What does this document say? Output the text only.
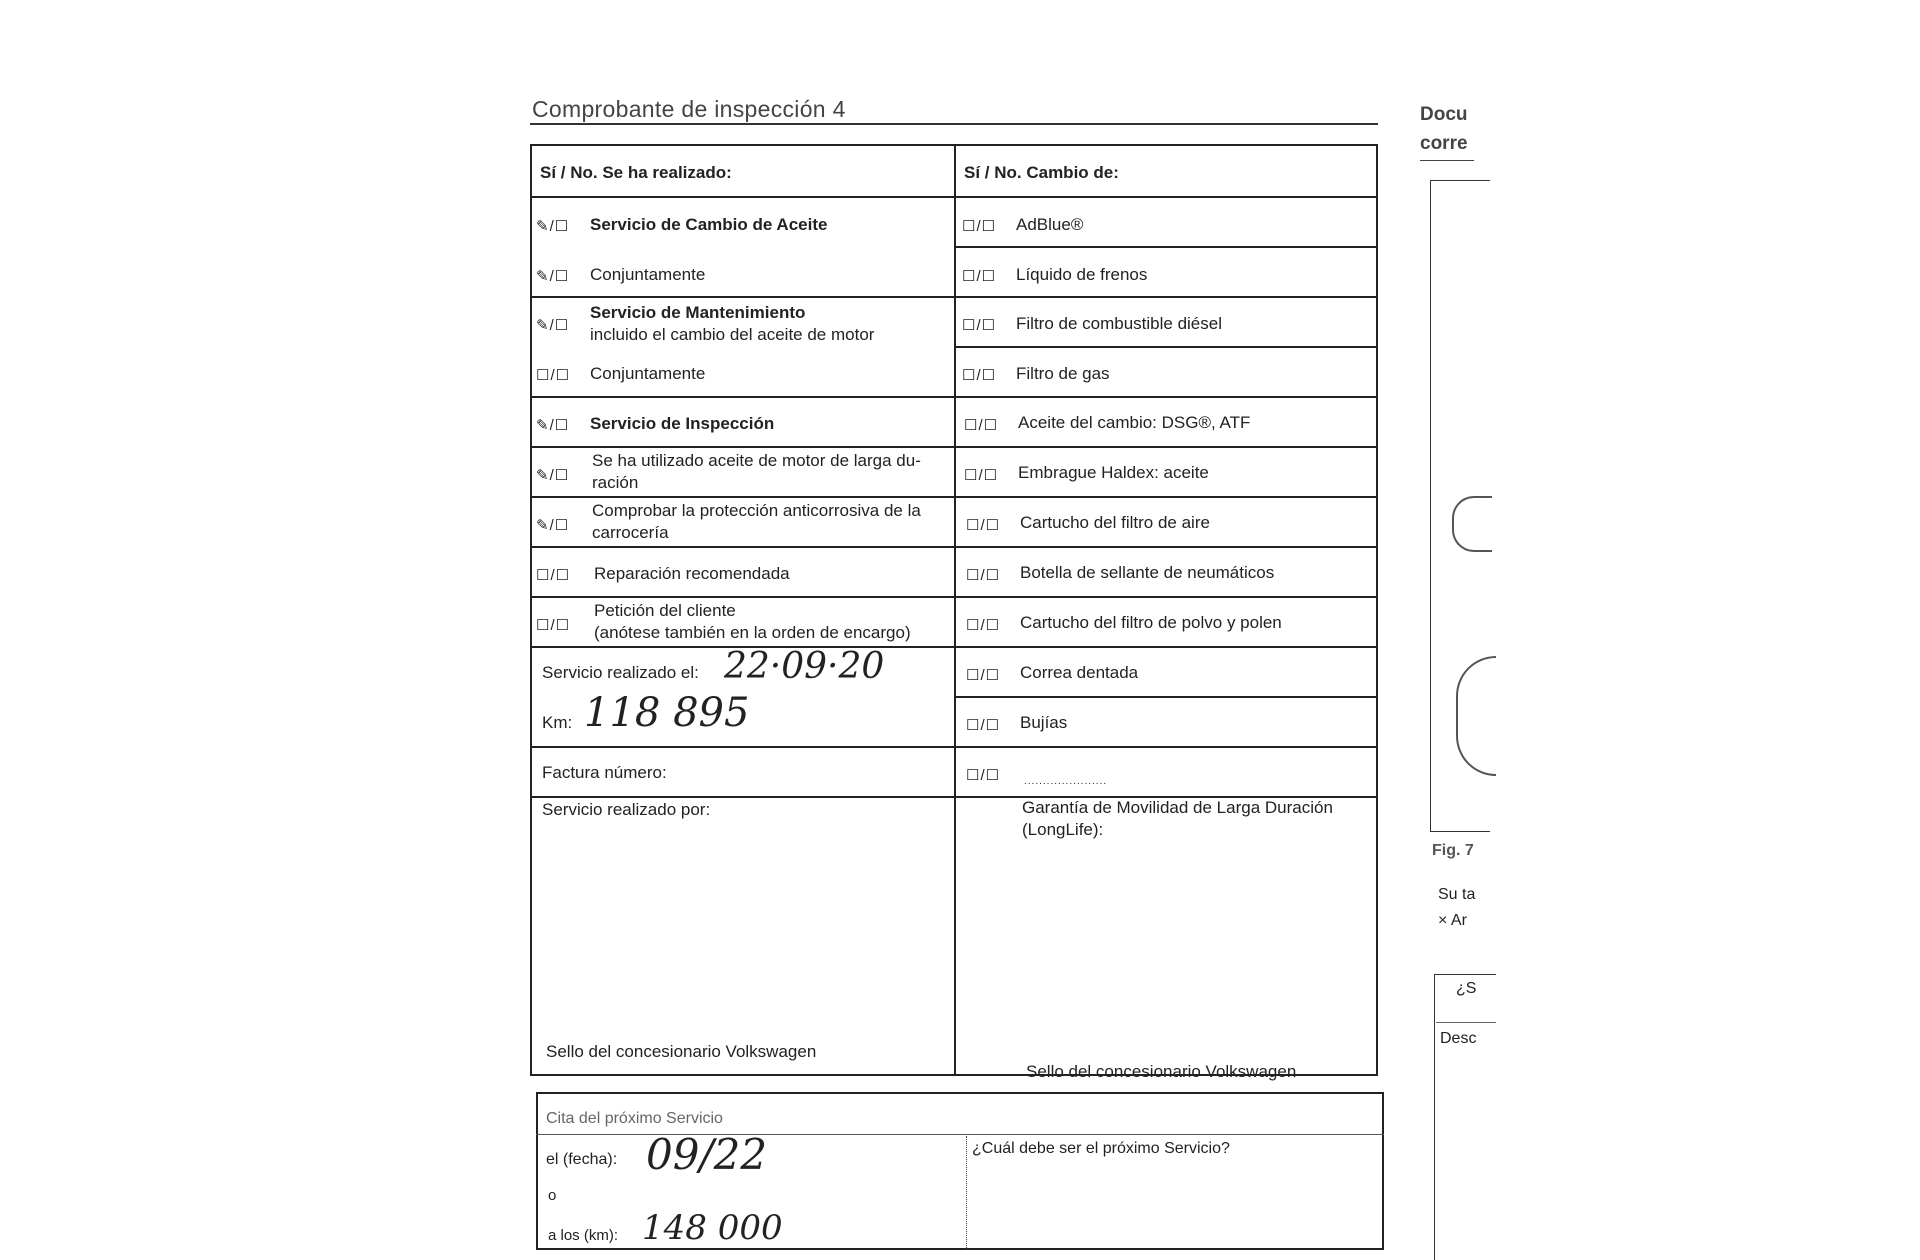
Comprobante de inspección 4
Sí / No. Se ha realizado:	Sí / No. Cambio de:
✎/☐ Servicio de Cambio de Aceite
✎/☐ Conjuntamente
✎/☐
Servicio de Mantenimiento
incluido el cambio del aceite de motor
☐/☐ Conjuntamente
✎/☐ Servicio de Inspección
✎/☐
Se ha utilizado aceite de motor de larga du-
ración
✎/☐
Comprobar la protección anticorrosiva de la
carrocería
☐/☐ Reparación recomendada
☐/☐
Petición del cliente
(anótese también en la orden de encargo)
Servicio realizado el: 22·09·20
Km: 118 895
Factura número:
Servicio realizado por:
Sello del concesionario Volkswagen
☐/☐ AdBlue®
☐/☐ Líquido de frenos
☐/☐ Filtro de combustible diésel
☐/☐ Filtro de gas
☐/☐ Aceite del cambio: DSG®, ATF
☐/☐ Embrague Haldex: aceite
☐/☐ Cartucho del filtro de aire
☐/☐ Botella de sellante de neumáticos
☐/☐ Cartucho del filtro de polvo y polen
☐/☐ Correa dentada
☐/☐ Bujías
☐/☐ ......................
Garantía de Movilidad de Larga Duración
(LongLife):
Sello del concesionario Volkswagen
Cita del próximo Servicio
el (fecha): 09/22
o
a los (km): 148 000
¿Cuál debe ser el próximo Servicio?
Docu
corre
Fig. 7
Su ta
× Ar
¿S
Desc
